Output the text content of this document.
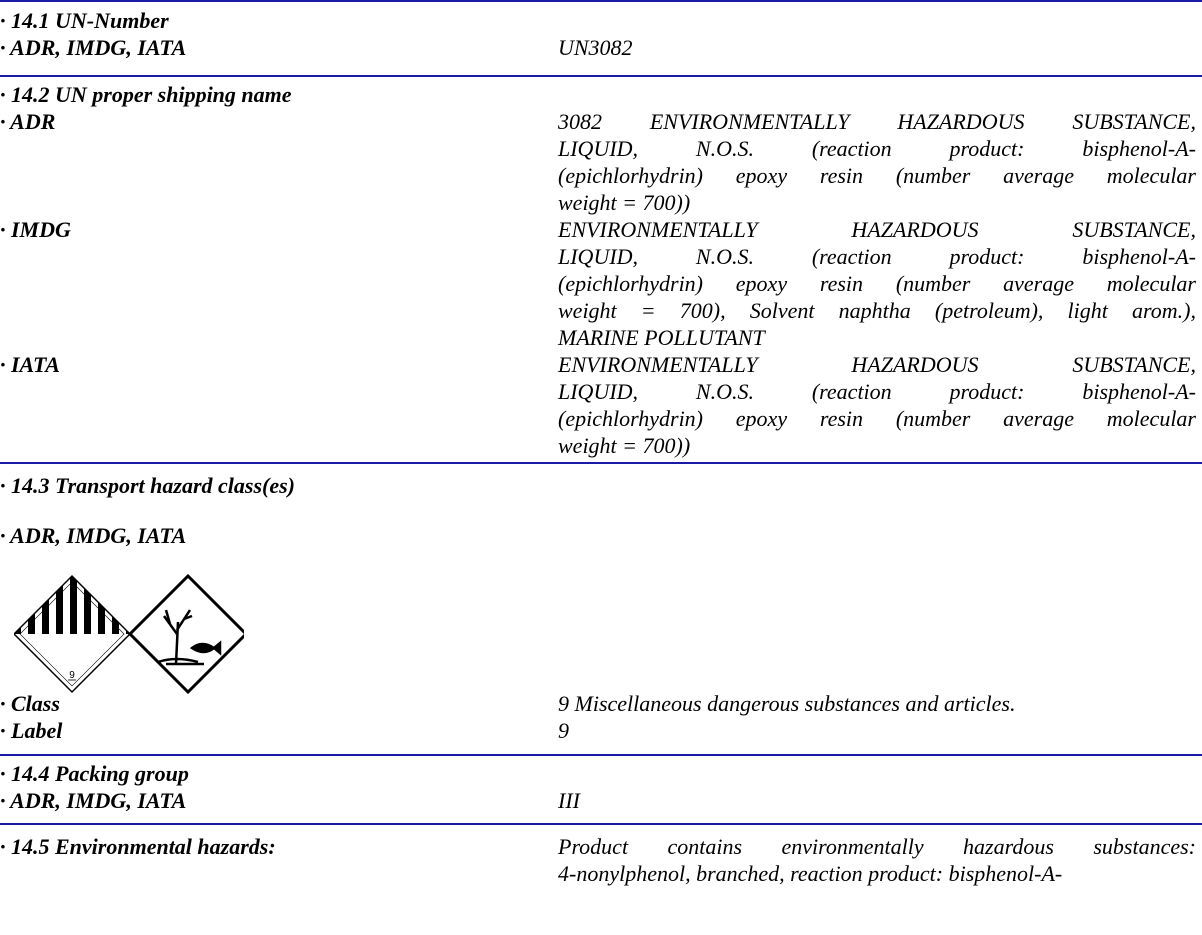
· 14.1 UN-Number
· ADR, IMDG, IATA	UN3082
· 14.2 UN proper shipping name
· ADR	3082 ENVIRONMENTALLY HAZARDOUS SUBSTANCE,
LIQUID, N.O.S. (reaction product: bisphenol-A-
(epichlorhydrin) epoxy resin (number average molecular
weight = 700))
· IMDG	ENVIRONMENTALLY HAZARDOUS SUBSTANCE,
LIQUID, N.O.S. (reaction product: bisphenol-A-
(epichlorhydrin) epoxy resin (number average molecular
weight = 700), Solvent naphtha (petroleum), light arom.),
MARINE POLLUTANT
· IATA	ENVIRONMENTALLY HAZARDOUS SUBSTANCE,
LIQUID, N.O.S. (reaction product: bisphenol-A-
(epichlorhydrin) epoxy resin (number average molecular
weight = 700))
· 14.3 Transport hazard class(es)
· ADR, IMDG, IATA
9
· Class	9 Miscellaneous dangerous substances and articles.
· Label	9
· 14.4 Packing group
· ADR, IMDG, IATA	III
· 14.5 Environmental hazards:	Product contains environmentally hazardous substances:
4-nonylphenol, branched, reaction product: bisphenol-A-
